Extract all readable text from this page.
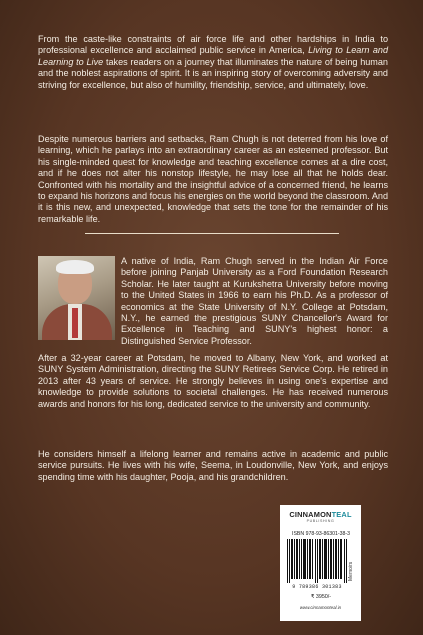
From the caste-like constraints of air force life and other hardships in India to professional excellence and acclaimed public service in America, Living to Learn and Learning to Live takes readers on a journey that illuminates the nature of being human and the noblest aspirations of spirit. It is an inspiring story of overcoming adversity and striving for excellence, but also of humility, friendship, service, and ultimately, love.
Despite numerous barriers and setbacks, Ram Chugh is not deterred from his love of learning, which he parlays into an extraordinary career as an esteemed professor. But his single-minded quest for knowledge and teaching excellence comes at a dire cost, and if he does not alter his nonstop lifestyle, he may lose all that he holds dear. Confronted with his mortality and the insightful advice of a concerned friend, he learns to expand his horizons and focus his energies on the world beyond the classroom. And it is this new, and unexpected, knowledge that sets the tone for the remainder of his remarkable life.
A native of India, Ram Chugh served in the Indian Air Force before joining Panjab University as a Ford Foundation Research Scholar. He later taught at Kurukshetra University before moving to the United States in 1966 to earn his Ph.D. As a professor of economics at the State University of N.Y. College at Potsdam, N.Y., he earned the prestigious SUNY Chancellor's Award for Excellence in Teaching and SUNY's highest honor: a Distinguished Service Professor.
After a 32-year career at Potsdam, he moved to Albany, New York, and worked at SUNY System Administration, directing the SUNY Retirees Service Corp. He retired in 2013 after 43 years of service. He strongly believes in using one's expertise and knowledge to provide solutions to societal challenges. He has received numerous awards and honors for his long, dedicated service to the university and community.
He considers himself a lifelong learner and remains active in academic and public service pursuits. He lives with his wife, Seema, in Loudonville, New York, and enjoys spending time with his daughter, Pooja, and his grandchildren.
CINNAMONTEAL
PUBLISHING
ISBN 978-93-86301-38-3
Memoirs
9 789386 301383
₹ 3950/-
www.cinnamonteal.in
